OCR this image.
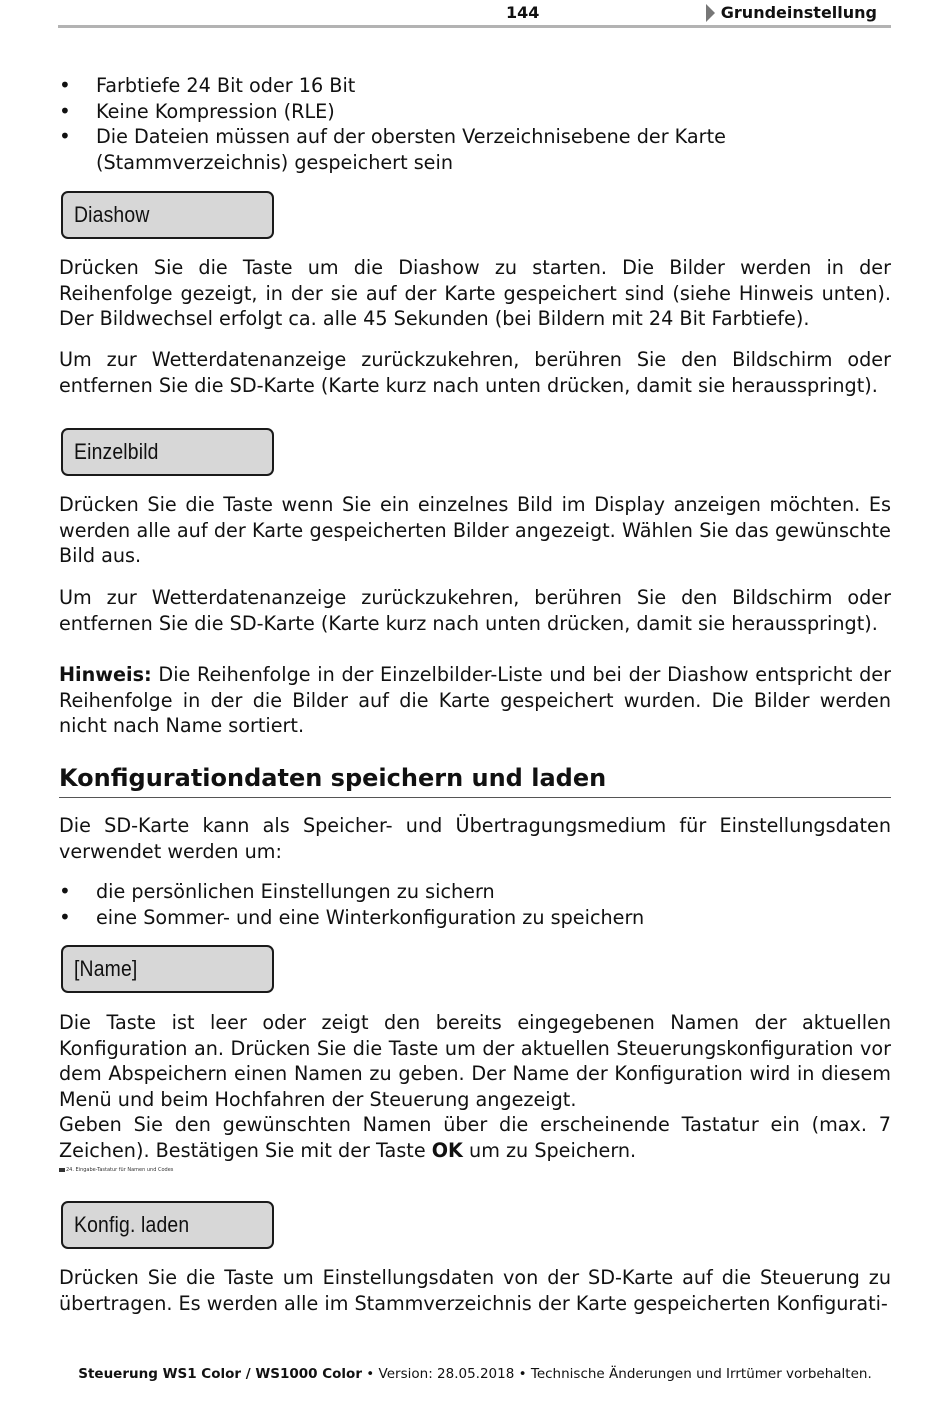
144	Grundeinstellung
• Farbtiefe 24 Bit oder 16 Bit
• Keine Kompression (RLE)
• Die Dateien müssen auf der obersten Verzeichnisebene der Karte (Stammverzeichnis) gespeichert sein
Diashow

Drücken Sie die Taste um die Diashow zu starten. Die Bilder werden in der Reihenfolge gezeigt, in der sie auf der Karte gespeichert sind (siehe Hinweis unten). Der Bildwechsel erfolgt ca. alle 45 Sekunden (bei Bildern mit 24 Bit Farbtiefe).

Um zur Wetterdatenanzeige zurückzukehren, berühren Sie den Bildschirm oder entfernen Sie die SD-Karte (Karte kurz nach unten drücken, damit sie herausspringt).

Einzelbild

Drücken Sie die Taste wenn Sie ein einzelnes Bild im Display anzeigen möchten. Es werden alle auf der Karte gespeicherten Bilder angezeigt. Wählen Sie das gewünschte Bild aus.

Um zur Wetterdatenanzeige zurückzukehren, berühren Sie den Bildschirm oder entfernen Sie die SD-Karte (Karte kurz nach unten drücken, damit sie herausspringt).

Hinweis: Die Reihenfolge in der Einzelbilder-Liste und bei der Diashow entspricht der Reihenfolge in der die Bilder auf die Karte gespeichert wurden. Die Bilder werden nicht nach Name sortiert.

Konfigurationdaten speichern und laden

Die SD-Karte kann als Speicher- und Übertragungsmedium für Einstellungsdaten verwendet werden um:

• die persönlichen Einstellungen zu sichern
• eine Sommer- und eine Winterkonfiguration zu speichern
[Name]

Die Taste ist leer oder zeigt den bereits eingegebenen Namen der aktuellen Konfiguration an. Drücken Sie die Taste um der aktuellen Steuerungskonfiguration vor dem Abspeichern einen Namen zu geben. Der Name der Konfiguration wird in diesem Menü und beim Hochfahren der Steuerung angezeigt.

Geben Sie den gewünschten Namen über die erscheinende Tastatur ein (max. 7 Zeichen). Bestätigen Sie mit der Taste OK um zu Speichern.

24. Eingabe-Tastatur für Namen und Codes
Konfig. laden

Drücken Sie die Taste um Einstellungsdaten von der SD-Karte auf die Steuerung zu übertragen. Es werden alle im Stammverzeichnis der Karte gespeicherten Konfigurati-

Steuerung WS1 Color / WS1000 Color • Version: 28.05.2018 • Technische Änderungen und Irrtümer vorbehalten.
